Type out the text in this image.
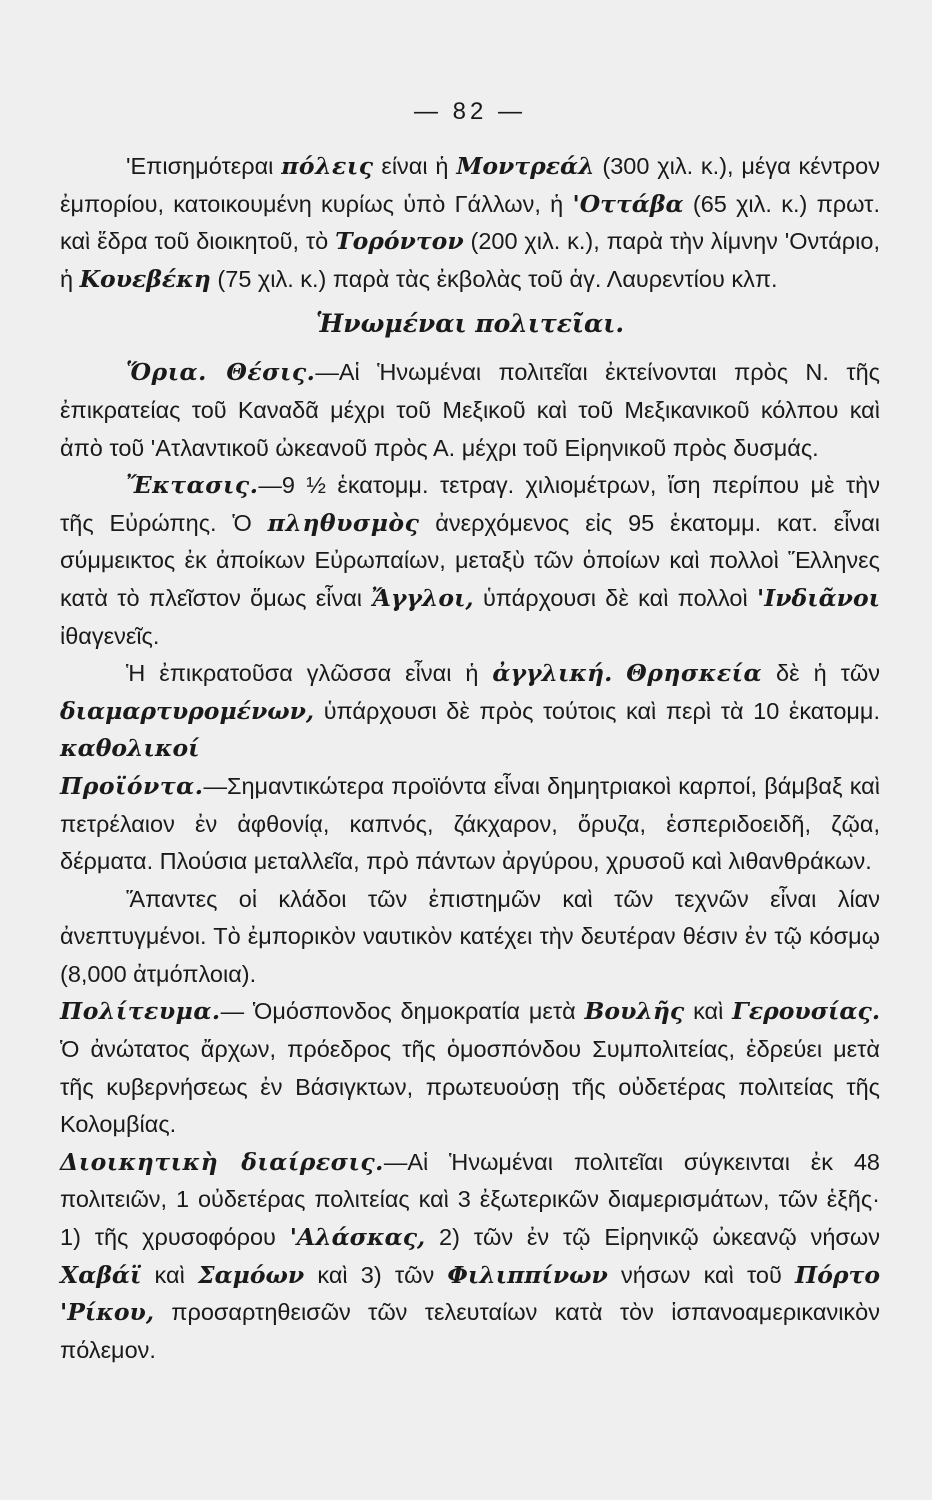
— 82 —

'Επισημότεραι πόλεις είναι ἡ Μοντρεάλ (300 χιλ. κ.), μέγα κέντρον ἐμπορίου, κατοικουμένη κυρίως ὑπὸ Γάλλων, ἡ 'Οττάβα (65 χιλ. κ.) πρωτ. καὶ ἕδρα τοῦ διοικητοῦ, τὸ Τορόντον (200 χιλ. κ.), παρὰ τὴν λίμνην 'Οντάριο, ἡ Κουεβέκη (75 χιλ. κ.) παρὰ τὰς ἐκβολὰς τοῦ ἁγ. Λαυρεντίου κλπ.

Ἡνωμέναι πολιτεῖαι.

Ὅρια. Θέσις.—Αἱ Ἡνωμέναι πολιτεῖαι ἐκτείνονται πρὸς Ν. τῆς ἐπικρατείας τοῦ Καναδᾶ μέχρι τοῦ Μεξικοῦ καὶ τοῦ Μεξικανικοῦ κόλπου καὶ ἀπὸ τοῦ 'Ατλαντικοῦ ὠκεανοῦ πρὸς Α. μέχρι τοῦ Εἰρηνικοῦ πρὸς δυσμάς.

Ἔκτασις.—9 ½ ἑκατομμ. τετραγ. χιλιομέτρων, ἴση περίπου μὲ τὴν τῆς Εὐρώπης. Ὁ πληθυσμὸς ἀνερχόμενος εἰς 95 ἑκατομμ. κατ. εἶναι σύμμεικτος ἐκ ἀποίκων Εὐρωπαίων, μεταξὺ τῶν ὁποίων καὶ πολλοὶ Ἕλληνες κατὰ τὸ πλεῖστον ὅμως εἶναι Ἄγγλοι, ὑπάρχουσι δὲ καὶ πολλοὶ 'Ινδιᾶνοι ἰθαγενεῖς.

Ἡ ἐπικρατοῦσα γλῶσσα εἶναι ἡ ἀγγλική. Θρησκεία δὲ ἡ τῶν διαμαρτυρομένων, ὑπάρχουσι δὲ πρὸς τούτοις καὶ περὶ τὰ 10 ἑκατομμ. καθολικοί

Προϊόντα.—Σημαντικώτερα προϊόντα εἶναι δημητριακοὶ καρποί, βάμβαξ καὶ πετρέλαιον ἐν ἀφθονίᾳ, καπνός, ζάκχαρον, ὄρυζα, ἑσπεριδοειδῆ, ζῷα, δέρματα. Πλούσια μεταλλεῖα, πρὸ πάντων ἀργύρου, χρυσοῦ καὶ λιθανθράκων.

Ἅπαντες οἱ κλάδοι τῶν ἐπιστημῶν καὶ τῶν τεχνῶν εἶναι λίαν ἀνεπτυγμένοι. Τὸ ἐμπορικὸν ναυτικὸν κατέχει τὴν δευτέραν θέσιν ἐν τῷ κόσμῳ (8,000 ἀτμόπλοια).

Πολίτευμα.— Ὁμόσπονδος δημοκρατία μετὰ Βουλῆς καὶ Γερουσίας. Ὁ ἀνώτατος ἄρχων, πρόεδρος τῆς ὁμοσπόνδου Συμπολιτείας, ἑδρεύει μετὰ τῆς κυβερνήσεως ἐν Βάσιγκτων, πρωτευούσῃ τῆς οὐδετέρας πολιτείας τῆς Κολομβίας.

Διοικητικὴ διαίρεσις.—Αἱ Ἡνωμέναι πολιτεῖαι σύγκεινται ἐκ 48 πολιτειῶν, 1 οὐδετέρας πολιτείας καὶ 3 ἐξωτερικῶν διαμερισμάτων, τῶν ἑξῆς· 1) τῆς χρυσοφόρου 'Αλάσκας, 2) τῶν ἐν τῷ Εἰρηνικῷ ὠκεανῷ νήσων Χαβάϊ καὶ Σαμόων καὶ 3) τῶν Φιλιππίνων νήσων καὶ τοῦ Πόρτο 'Ρίκου, προσαρτηθεισῶν τῶν τελευταίων κατὰ τὸν ἱσπανοαμερικανικὸν πόλεμον.
